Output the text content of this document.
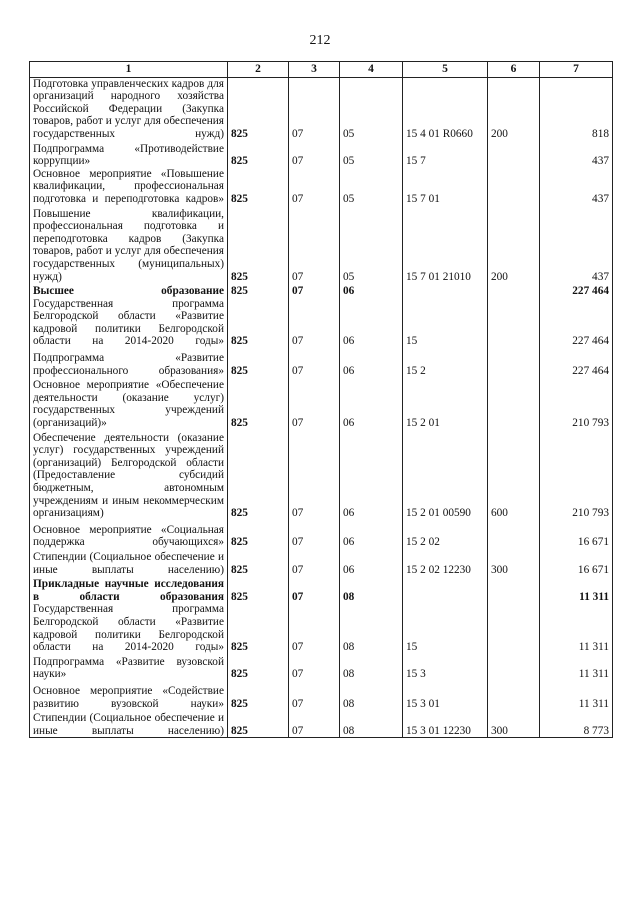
212
1	2	3	4	5	6	7
Подготовка управленческих кадров для организаций народного хозяйства Российской Федерации (Закупка товаров, работ и услуг для обеспечения государственных нужд)	825	07	05	15 4 01 R0660	200	818
Подпрограмма «Противодействие коррупции»	825	07	05	15 7		437
Основное мероприятие «Повышение квалификации, профессиональная подготовка и переподготовка кадров»	825	07	05	15 7 01		437
Повышение квалификации, профессиональная подготовка и переподготовка кадров (Закупка товаров, работ и услуг для обеспечения государственных (муниципальных) нужд)	825	07	05	15 7 01 21010	200	437
Высшее образование	825	07	06			227 464
Государственная программа Белгородской области «Развитие кадровой политики Белгородской области на 2014-2020 годы»	825	07	06	15		227 464
Подпрограмма «Развитие профессионального образования»	825	07	06	15 2		227 464
Основное мероприятие «Обеспечение деятельности (оказание услуг) государственных учреждений (организаций)»	825	07	06	15 2 01		210 793
Обеспечение деятельности (оказание услуг) государственных учреждений (организаций) Белгородской области (Предоставление субсидий бюджетным, автономным учреждениям и иным некоммерческим организациям)	825	07	06	15 2 01 00590	600	210 793
Основное мероприятие «Социальная поддержка обучающихся»	825	07	06	15 2 02		16 671
Стипендии (Социальное обеспечение и иные выплаты населению)	825	07	06	15 2 02 12230	300	16 671
Прикладные научные исследования в области образования	825	07	08			11 311
Государственная программа Белгородской области «Развитие кадровой политики Белгородской области на 2014-2020 годы»	825	07	08	15		11 311
Подпрограмма «Развитие вузовской науки»	825	07	08	15 3		11 311
Основное мероприятие «Содействие развитию вузовской науки»	825	07	08	15 3 01		11 311
Стипендии (Социальное обеспечение и иные выплаты населению)	825	07	08	15 3 01 12230	300	8 773
